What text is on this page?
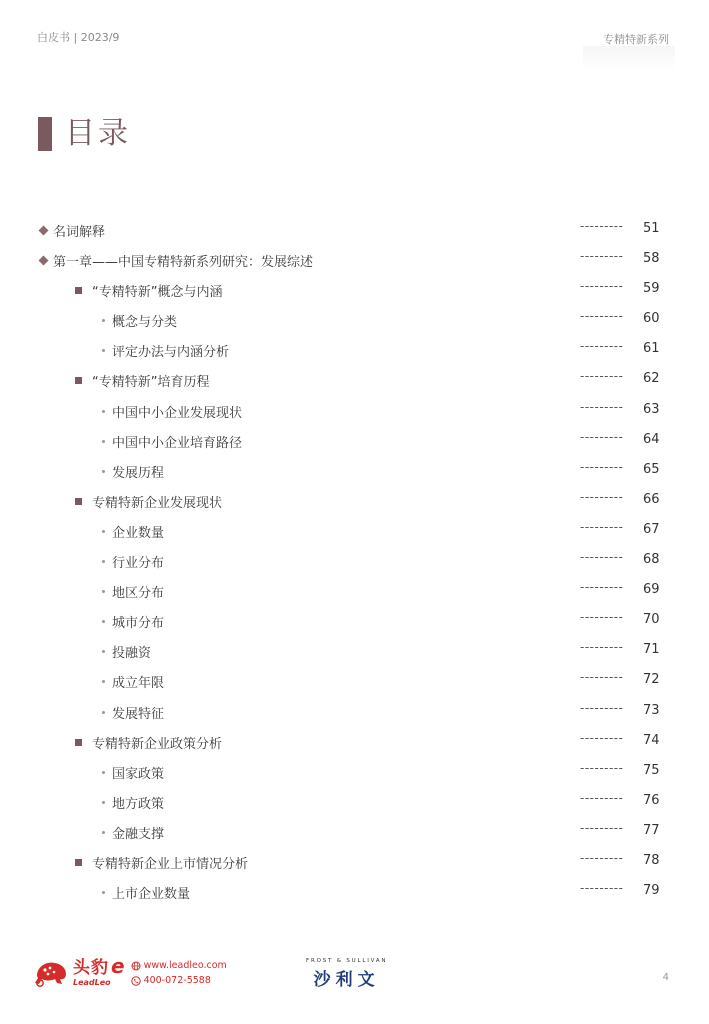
白皮书 | 2023/9	专精特新系列
目录
名词解释	--------- 51
第一章——中国专精特新系列研究：发展综述	--------- 58
“专精特新”概念与内涵	--------- 59
概念与分类	--------- 60
评定办法与内涵分析	--------- 61
“专精特新”培育历程	--------- 62
中国中小企业发展现状	--------- 63
中国中小企业培育路径	--------- 64
发展历程	--------- 65
专精特新企业发展现状	--------- 66
企业数量	--------- 67
行业分布	--------- 68
地区分布	--------- 69
城市分布	--------- 70
投融资	--------- 71
成立年限	--------- 72
发展特征	--------- 73
专精特新企业政策分析	--------- 74
国家政策	--------- 75
地方政策	--------- 76
金融支撑	--------- 77
专精特新企业上市情况分析	--------- 78
上市企业数量	--------- 79
头豹 e
LeadLeo
www.leadleo.com
400-072-5588
FROST & SULLIVAN
沙利文	4
